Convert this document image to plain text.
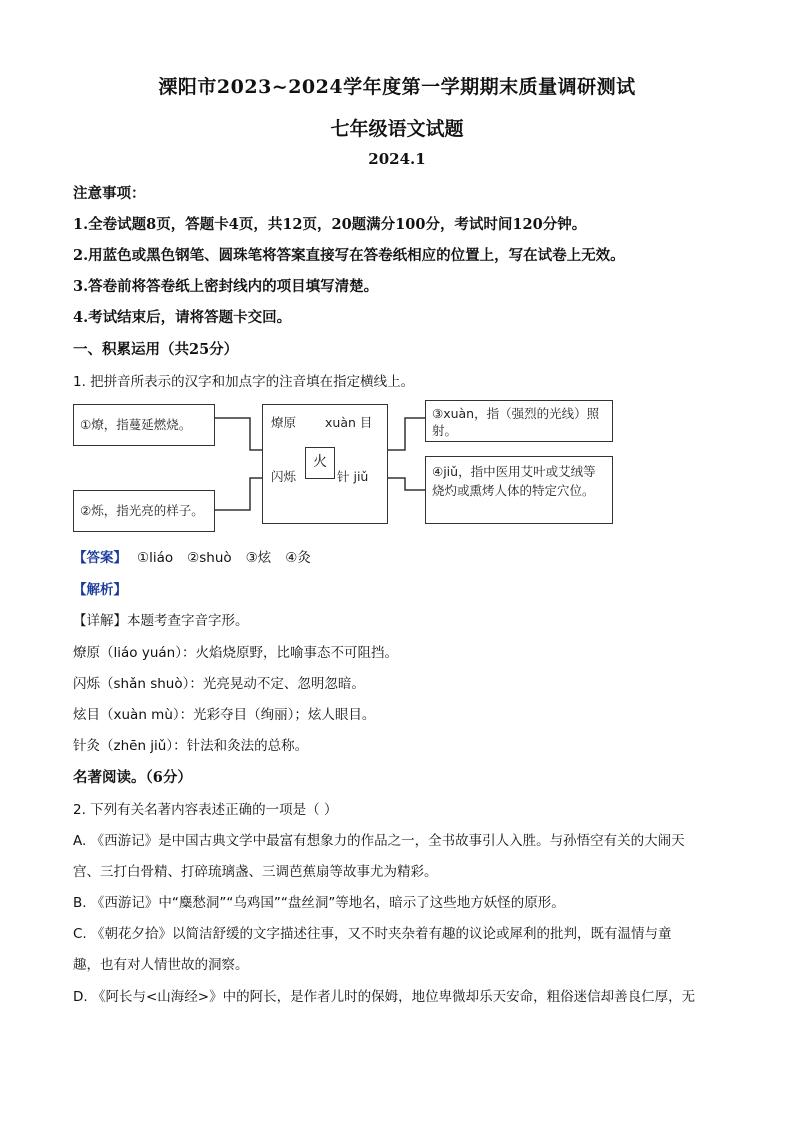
溧阳市2023~2024学年度第一学期期末质量调研测试
七年级语文试题
2024.1
注意事项：
1.全卷试题8页，答题卡4页，共12页，20题满分100分，考试时间120分钟。
2.用蓝色或黑色钢笔、圆珠笔将答案直接写在答卷纸相应的位置上，写在试卷上无效。
3.答卷前将答卷纸上密封线内的项目填写清楚。
4.考试结束后，请将答题卡交回。
一、积累运用（共25分）
1. 把拼音所表示的汉字和加点字的注音填在指定横线上。
①燎，指蔓延燃烧。
②烁，指光亮的样子。
燎原 xuàn 目
闪烁
火
针 jiǔ
③xuàn，指（强烈的光线）照射。
④jiǔ，指中医用艾叶或艾绒等烧灼或熏烤人体的特定穴位。
【答案】 ①liáo ②shuò ③炫 ④灸
【解析】
【详解】本题考查字音字形。
燎原（liáo yuán）：火焰烧原野，比喻事态不可阻挡。
闪烁（shǎn shuò）：光亮晃动不定、忽明忽暗。
炫目（xuàn mù）：光彩夺目（绚丽）；炫人眼目。
针灸（zhēn jiǔ）：针法和灸法的总称。
名著阅读。（6分）
2. 下列有关名著内容表述正确的一项是（ ）
A. 《西游记》是中国古典文学中最富有想象力的作品之一，全书故事引人入胜。与孙悟空有关的大闹天
宫、三打白骨精、打碎琉璃盏、三调芭蕉扇等故事尤为精彩。
B. 《西游记》中“麋愁洞”“乌鸡国”“盘丝洞”等地名，暗示了这些地方妖怪的原形。
C. 《朝花夕拾》以简洁舒缓的文字描述往事，又不时夹杂着有趣的议论或犀利的批判，既有温情与童
趣，也有对人情世故的洞察。
D. 《阿长与<山海经>》中的阿长，是作者儿时的保姆，地位卑微却乐天安命，粗俗迷信却善良仁厚，无
